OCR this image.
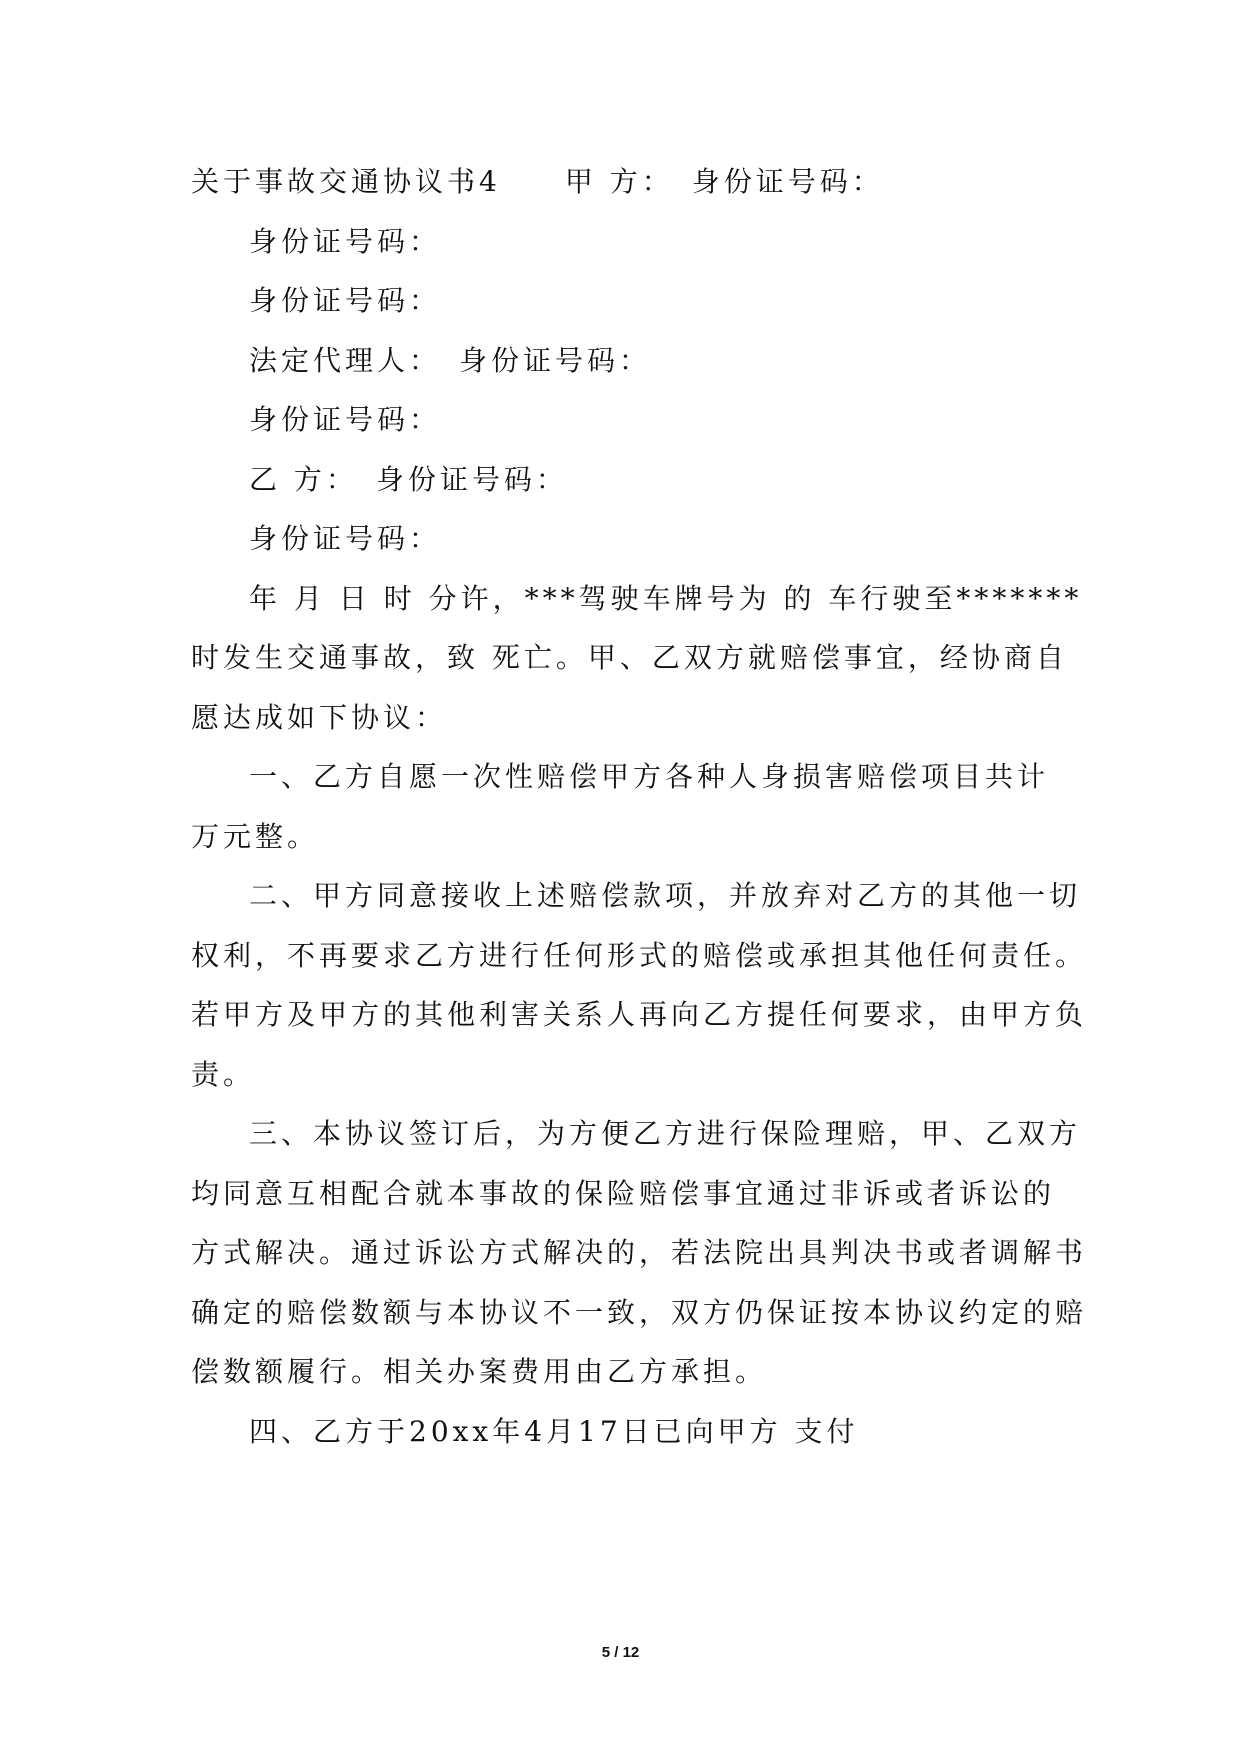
关于事故交通协议书4　　甲 方：　身份证号码：
身份证号码：
身份证号码：
法定代理人：　身份证号码：
身份证号码：
乙 方：　身份证号码：
身份证号码：
年 月 日 时 分许，***驾驶车牌号为 的 车行驶至*******
时发生交通事故，致 死亡。甲、乙双方就赔偿事宜，经协商自
愿达成如下协议：
一、乙方自愿一次性赔偿甲方各种人身损害赔偿项目共计
万元整。
二、甲方同意接收上述赔偿款项，并放弃对乙方的其他一切
权利，不再要求乙方进行任何形式的赔偿或承担其他任何责任。
若甲方及甲方的其他利害关系人再向乙方提任何要求，由甲方负
责。
三、本协议签订后，为方便乙方进行保险理赔，甲、乙双方
均同意互相配合就本事故的保险赔偿事宜通过非诉或者诉讼的
方式解决。通过诉讼方式解决的，若法院出具判决书或者调解书
确定的赔偿数额与本协议不一致，双方仍保证按本协议约定的赔
偿数额履行。相关办案费用由乙方承担。
四、乙方于20xx年4月17日已向甲方 支付
5 / 12
